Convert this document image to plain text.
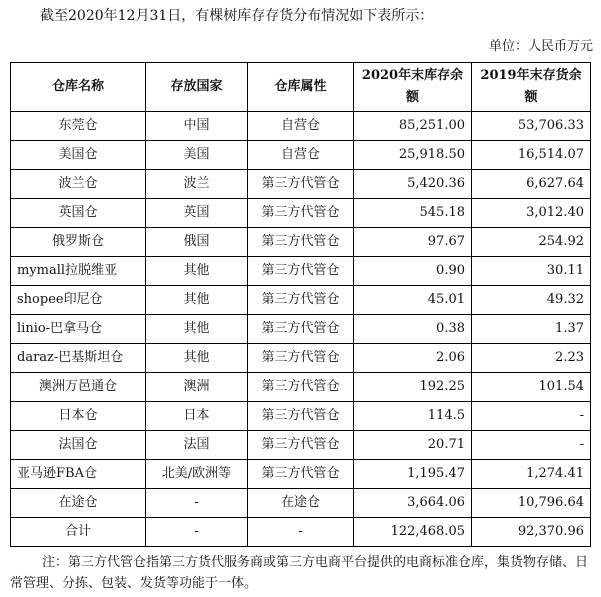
截至2020年12月31日，有棵树库存存货分布情况如下表所示：
单位：人民币万元
仓库名称	存放国家	仓库属性	2020年末库存余额	2019年末存货余额
东莞仓	中国	自营仓	85,251.00	53,706.33
美国仓	美国	自营仓	25,918.50	16,514.07
波兰仓	波兰	第三方代管仓	5,420.36	6,627.64
英国仓	英国	第三方代管仓	545.18	3,012.40
俄罗斯仓	俄国	第三方代管仓	97.67	254.92
mymall拉脱维亚	其他	第三方代管仓	0.90	30.11
shopee印尼仓	其他	第三方代管仓	45.01	49.32
linio-巴拿马仓	其他	第三方代管仓	0.38	1.37
daraz-巴基斯坦仓	其他	第三方代管仓	2.06	2.23
澳洲万邑通仓	澳洲	第三方代管仓	192.25	101.54
日本仓	日本	第三方代管仓	114.5	-
法国仓	法国	第三方代管仓	20.71	-
亚马逊FBA仓	北美/欧洲等	第三方代管仓	1,195.47	1,274.41
在途仓	-	在途仓	3,664.06	10,796.64
合计	-	-	122,468.05	92,370.96
注：第三方代管仓指第三方货代服务商或第三方电商平台提供的电商标准仓库，集货物存储、日常管理、分拣、包装、发货等功能于一体。
